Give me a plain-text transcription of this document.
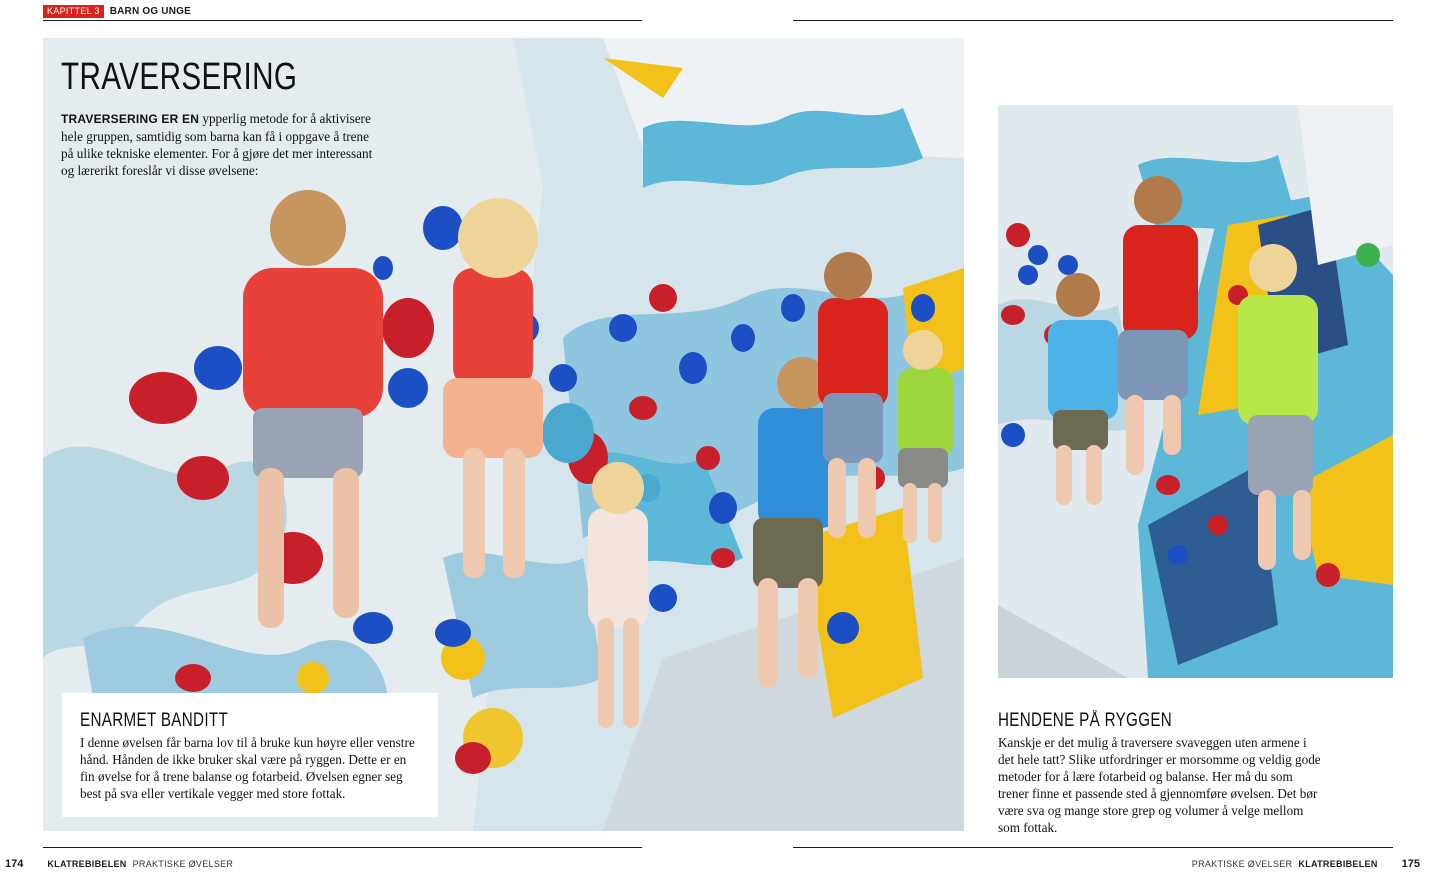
KAPITTEL 3	BARN OG UNGE
TRAVERSERING

TRAVERSERING ER EN ypperlig metode for å aktivisere hele gruppen, samtidig som barna kan få i oppgave å trene på ulike tekniske elementer. For å gjøre det mer interessant og lærerikt foreslår vi disse øvelsene:

ENARMET BANDITT

I denne øvelsen får barna lov til å bruke kun høyre eller venstre hånd. Hånden de ikke bruker skal være på ryggen. Dette er en fin øvelse for å trene balanse og fotarbeid. Øvelsen egner seg best på sva eller vertikale vegger med store fottak.

HENDENE PÅ RYGGEN

Kanskje er det mulig å traversere svaveggen uten armene i det hele tatt? Slike utfordringer er morsomme og veldig gode metoder for å lære fotarbeid og balanse. Her må du som trener finne et passende sted å gjennomføre øvelsen. Det bør være sva og mange store grep og volumer å velge mellom som fottak.

174	KLATREBIBELEN PRAKTISKE ØVELSER	PRAKTISKE ØVELSER KLATREBIBELEN 175
